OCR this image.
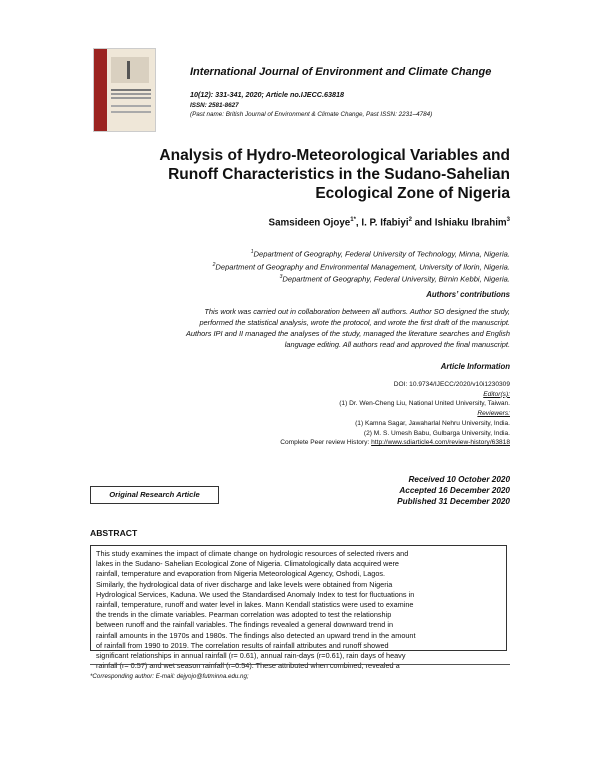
International Journal of Environment and Climate Change
10(12): 331-341, 2020; Article no.IJECC.63818
ISSN: 2581-8627
(Past name: British Journal of Environment & Climate Change, Past ISSN: 2231–4784)
Analysis of Hydro-Meteorological Variables and
Runoff Characteristics in the Sudano-Sahelian
Ecological Zone of Nigeria
Samsideen Ojoye$^{1*}$, I. P. Ifabiyi$^2$ and Ishiaku Ibrahim$^3$
$^1$Department of Geography, Federal University of Technology, Minna, Nigeria.
$^2$Department of Geography and Environmental Management, University of Ilorin, Nigeria.
$^3$Department of Geography, Federal University, Birnin Kebbi, Nigeria.
Authors’ contributions
This work was carried out in collaboration between all authors. Author SO designed the study,
performed the statistical analysis, wrote the protocol, and wrote the first draft of the manuscript.
Authors IPI and II managed the analyses of the study, managed the literature searches and English
language editing. All authors read and approved the final manuscript.
Article Information
DOI: 10.9734/IJECC/2020/v10i1230309
Editor(s):
(1) Dr. Wen-Cheng Liu, National United University, Taiwan.
Reviewers:
(1) Kamna Sagar, Jawaharlal Nehru University, India.
(2) M. S. Umesh Babu, Gulbarga University, India.
Complete Peer review History: http://www.sdiarticle4.com/review-history/63818
Received 10 October 2020
Accepted 16 December 2020
Published 31 December 2020
Original Research Article
ABSTRACT
This study examines the impact of climate change on hydrologic resources of selected rivers and
lakes in the Sudano- Sahelian Ecological Zone of Nigeria. Climatologically data acquired were
rainfall, temperature and evaporation from Nigeria Meteorological Agency, Oshodi, Lagos.
Similarly, the hydrological data of river discharge and lake levels were obtained from Nigeria
Hydrological Services, Kaduna. We used the Standardised Anomaly Index to test for fluctuations in
rainfall, temperature, runoff and water level in lakes. Mann Kendall statistics were used to examine
the trends in the climate variables. Pearman correlation was adopted to test the relationship
between runoff and the rainfall variables. The findings revealed a general downward trend in
rainfall amounts in the 1970s and 1980s. The findings also detected an upward trend in the amount
of rainfall from 1990 to 2019. The correlation results of rainfall attributes and runoff showed
significant relationships in annual rainfall (r= 0.61), annual rain-days (r=0.61), rain days of heavy
rainfall (r= 0.57) and wet season rainfall (r=0.54). These attributed when combined, revealed a
*Corresponding author: E-mail: dejyojo@futminna.edu.ng;
